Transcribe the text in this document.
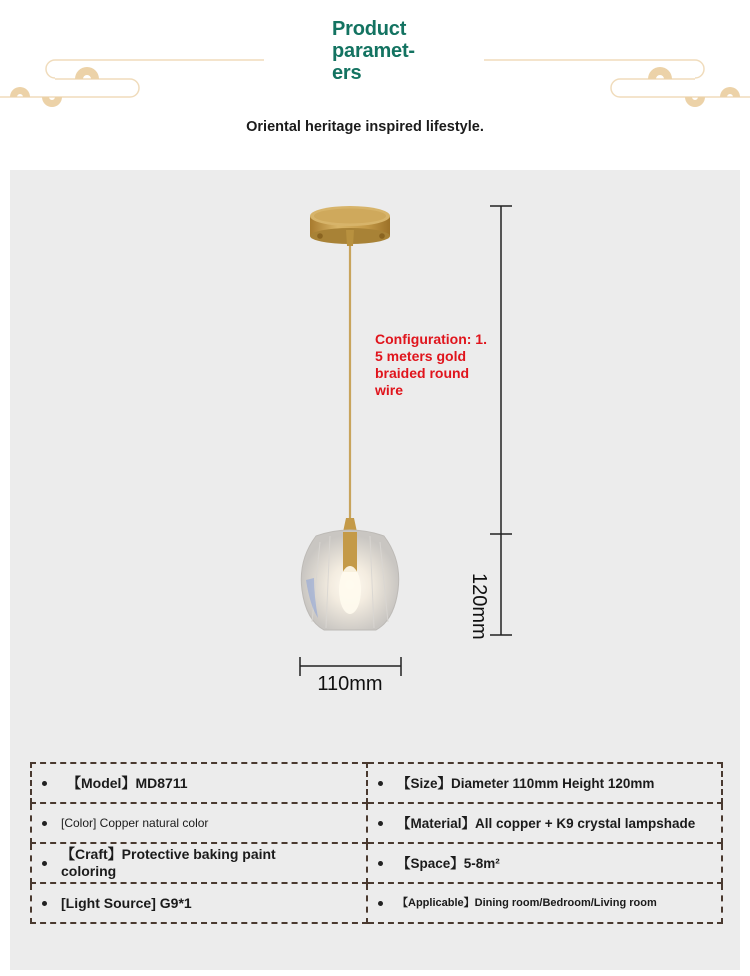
Product
paramet-
ers
Oriental heritage inspired lifestyle.
Configuration: 1.
5 meters gold
braided round
wire
110mm
120mm
【Model】MD8711	【Size】Diameter 110mm Height 120mm

[Color] Copper natural color	【Material】All copper + K9 crystal lampshade

【Craft】Protective baking paint coloring	【Space】5-8m²

[Light Source] G9*1	【Applicable】Dining room/Bedroom/Living room
